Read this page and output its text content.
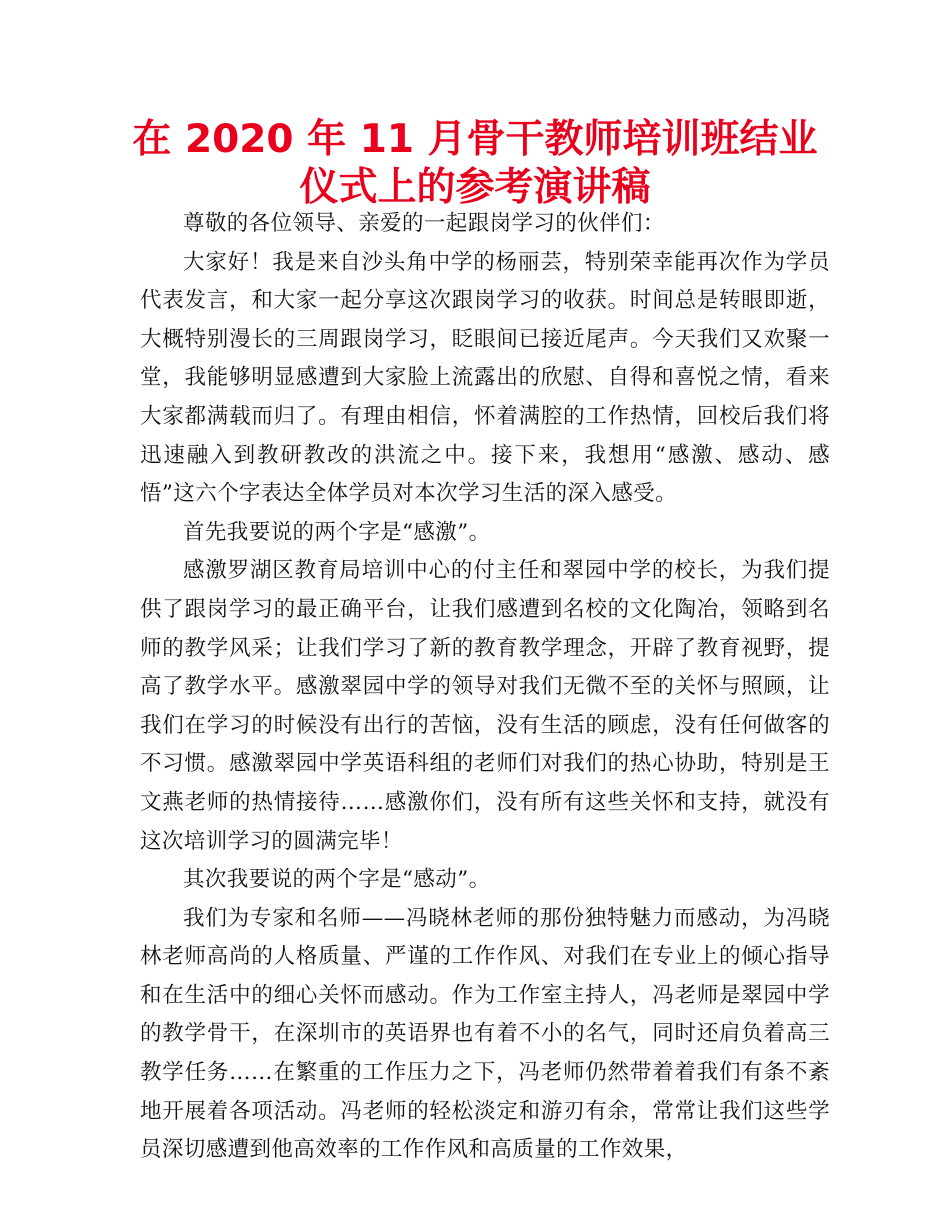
在 2020 年 11 月骨干教师培训班结业仪式上的参考演讲稿

尊敬的各位领导、亲爱的一起跟岗学习的伙伴们：

大家好！我是来自沙头角中学的杨丽芸，特别荣幸能再次作为学员代表发言，和大家一起分享这次跟岗学习的收获。时间总是转眼即逝，大概特别漫长的三周跟岗学习，眨眼间已接近尾声。今天我们又欢聚一堂，我能够明显感遭到大家脸上流露出的欣慰、自得和喜悦之情，看来大家都满载而归了。有理由相信，怀着满腔的工作热情，回校后我们将迅速融入到教研教改的洪流之中。接下来，我想用“感激、感动、感悟”这六个字表达全体学员对本次学习生活的深入感受。

首先我要说的两个字是“感激”。

感激罗湖区教育局培训中心的付主任和翠园中学的校长，为我们提供了跟岗学习的最正确平台，让我们感遭到名校的文化陶冶，领略到名师的教学风采；让我们学习了新的教育教学理念，开辟了教育视野，提高了教学水平。感激翠园中学的领导对我们无微不至的关怀与照顾，让我们在学习的时候没有出行的苦恼，没有生活的顾虑，没有任何做客的不习惯。感激翠园中学英语科组的老师们对我们的热心协助，特别是王文燕老师的热情接待……感激你们，没有所有这些关怀和支持，就没有这次培训学习的圆满完毕！

其次我要说的两个字是“感动”。

我们为专家和名师——冯晓林老师的那份独特魅力而感动，为冯晓林老师高尚的人格质量、严谨的工作作风、对我们在专业上的倾心指导和在生活中的细心关怀而感动。作为工作室主持人，冯老师是翠园中学的教学骨干，在深圳市的英语界也有着不小的名气，同时还肩负着高三教学任务……在繁重的工作压力之下，冯老师仍然带着着我们有条不紊地开展着各项活动。冯老师的轻松淡定和游刃有余，常常让我们这些学员深切感遭到他高效率的工作作风和高质量的工作效果，
